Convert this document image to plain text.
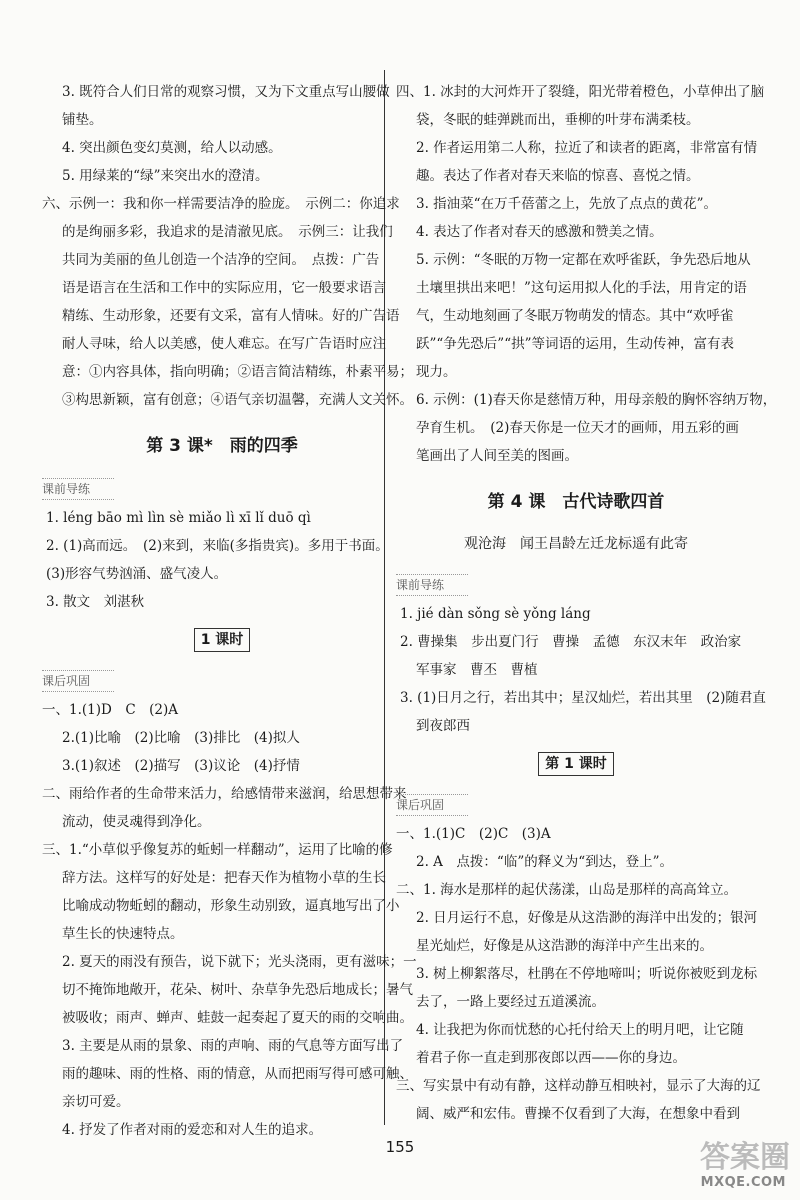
3. 既符合人们日常的观察习惯，又为下文重点写山腰做
铺垫。
4. 突出颜色变幻莫测，给人以动感。
5. 用绿莱的“绿”来突出水的澄清。
六、示例一：我和你一样需要洁净的脸庞。　示例二：你追求
的是绚丽多彩，我追求的是清澈见底。　示例三：让我们
共同为美丽的鱼儿创造一个洁净的空间。　点拨：广告
语是语言在生活和工作中的实际应用，它一般要求语言
精练、生动形象，还要有文采，富有人情味。好的广告语
耐人寻味，给人以美感，使人难忘。在写广告语时应注
意：①内容具体，指向明确；②语言简洁精练，朴素平易；
③构思新颖，富有创意；④语气亲切温馨，充满人文关怀。
第 3 课*　雨的四季
课前导练
1. léng bāo mì lìn sè miǎo lì xī lǐ duō qì
2. (1)高而远。　(2)来到，来临(多指贵宾)。多用于书面。
(3)形容气势汹涌、盛气凌人。
3. 散文　刘湛秋
1 课时
课后巩固
一、1.(1)D　C　(2)A
2.(1)比喻　(2)比喻　(3)排比　(4)拟人
3.(1)叙述　(2)描写　(3)议论　(4)抒情
二、雨给作者的生命带来活力，给感情带来滋润，给思想带来
流动，使灵魂得到净化。
三、1.“小草似乎像复苏的蚯蚓一样翻动”，运用了比喻的修
辞方法。这样写的好处是：把春天作为植物小草的生长
比喻成动物蚯蚓的翻动，形象生动别致，逼真地写出了小
草生长的快速特点。
2. 夏天的雨没有预告，说下就下；光头浇雨，更有滋味；一
切不掩饰地敞开，花朵、树叶、杂草争先恐后地成长；暑气
被吸收；雨声、蝉声、蛙鼓一起奏起了夏天的雨的交响曲。
3. 主要是从雨的景象、雨的声响、雨的气息等方面写出了
雨的趣味、雨的性格、雨的情意，从而把雨写得可感可触、
亲切可爱。
4. 抒发了作者对雨的爱恋和对人生的追求。
四、1. 冰封的大河炸开了裂缝，阳光带着橙色，小草伸出了脑
袋，冬眠的蛙弹跳而出，垂柳的叶芽布满柔枝。
2. 作者运用第二人称，拉近了和读者的距离，非常富有情
趣。表达了作者对春天来临的惊喜、喜悦之情。
3. 指油菜“在万千蓓蕾之上，先放了点点的黄花”。
4. 表达了作者对春天的感激和赞美之情。
5. 示例：“冬眠的万物一定都在欢呼雀跃，争先恐后地从
土壤里拱出来吧！”这句运用拟人化的手法，用肯定的语
气，生动地刻画了冬眠万物萌发的情态。其中“欢呼雀
跃”“争先恐后”“拱”等词语的运用，生动传神，富有表
现力。
6. 示例：(1)春天你是慈情万种，用母亲般的胸怀容纳万物，
孕育生机。　(2)春天你是一位天才的画师，用五彩的画
笔画出了人间至美的图画。
第 4 课　古代诗歌四首
观沧海　闻王昌龄左迁龙标遥有此寄
课前导练
1. jié dàn sǒng sè yǒng láng
2. 曹操集　步出夏门行　曹操　孟德　东汉末年　政治家
军事家　曹丕　曹植
3. (1)日月之行，若出其中；星汉灿烂，若出其里　(2)随君直
到夜郎西
第 1 课时
课后巩固
一、1.(1)C　(2)C　(3)A
2. A　点拨：“临”的释义为“到达，登上”。
二、1. 海水是那样的起伏荡漾，山岛是那样的高高耸立。
2. 日月运行不息，好像是从这浩渺的海洋中出发的；银河
星光灿烂，好像是从这浩渺的海洋中产生出来的。
3. 树上柳絮落尽，杜鹃在不停地啼叫；听说你被贬到龙标
去了，一路上要经过五道溪流。
4. 让我把为你而忧愁的心托付给天上的明月吧，让它随
着君子你一直走到那夜郎以西——你的身边。
三、写实景中有动有静，这样动静互相映衬，显示了大海的辽
阔、威严和宏伟。曹操不仅看到了大海，在想象中看到
155	答案圈
MXQE.COM
